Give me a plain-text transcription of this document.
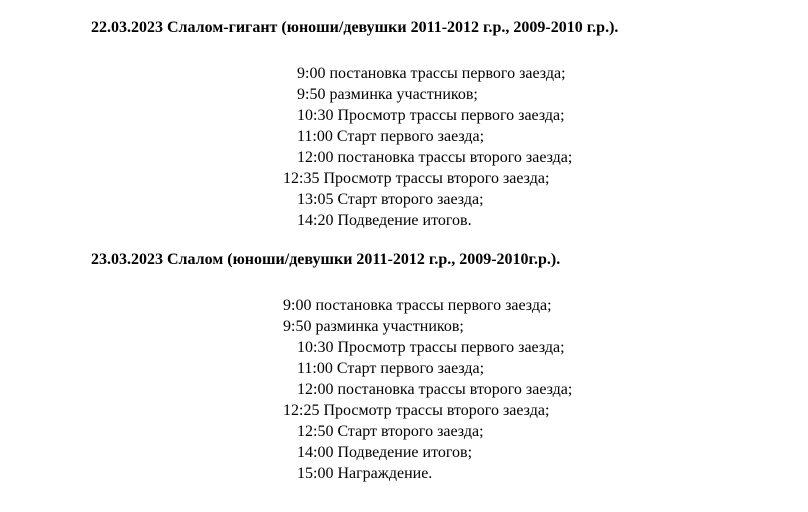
22.03.2023 Слалом-гигант (юноши/девушки 2011-2012 г.р., 2009-2010 г.р.).
9:00 постановка трассы первого заезда;
9:50 разминка участников;
10:30 Просмотр трассы первого заезда;
11:00 Старт первого заезда;
12:00 постановка трассы второго заезда;
12:35 Просмотр трассы второго заезда;
13:05 Старт второго заезда;
14:20 Подведение итогов.
23.03.2023 Слалом (юноши/девушки 2011-2012 г.р., 2009-2010г.р.).
9:00 постановка трассы первого заезда;
9:50 разминка участников;
10:30 Просмотр трассы первого заезда;
11:00 Старт первого заезда;
12:00 постановка трассы второго заезда;
12:25 Просмотр трассы второго заезда;
12:50 Старт второго заезда;
14:00 Подведение итогов;
15:00 Награждение.
